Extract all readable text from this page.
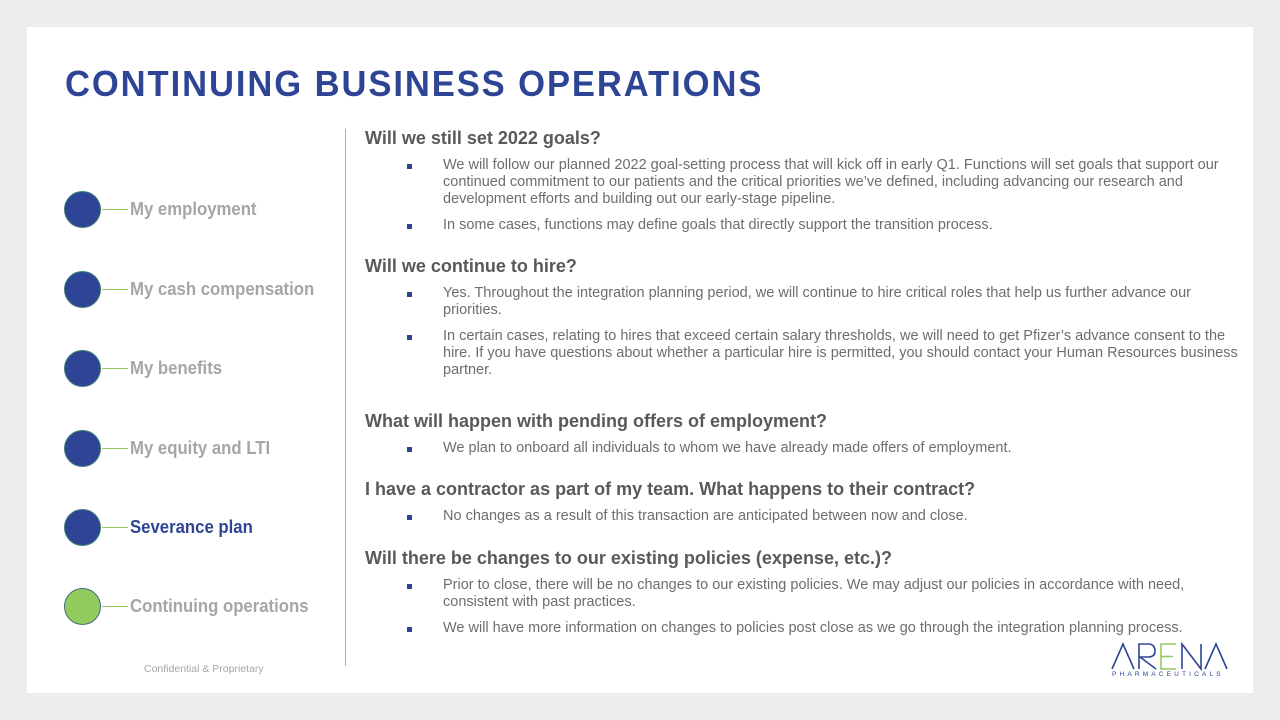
CONTINUING BUSINESS OPERATIONS
My employment
My cash compensation
My benefits
My equity and LTI
Severance plan
Continuing operations
Will we still set 2022 goals?
We will follow our planned 2022 goal-setting process that will kick off in early Q1. Functions will set goals that support our continued commitment to our patients and the critical priorities we’ve defined, including advancing our research and development efforts and building out our early-stage pipeline.
In some cases, functions may define goals that directly support the transition process.
Will we continue to hire?
Yes. Throughout the integration planning period, we will continue to hire critical roles that help us further advance our priorities.
In certain cases, relating to hires that exceed certain salary thresholds, we will need to get Pfizer’s advance consent to the hire. If you have questions about whether a particular hire is permitted, you should contact your Human Resources business partner.
What will happen with pending offers of employment?
We plan to onboard all individuals to whom we have already made offers of employment.
I have a contractor as part of my team. What happens to their contract?
No changes as a result of this transaction are anticipated between now and close.
Will there be changes to our existing policies (expense, etc.)?
Prior to close, there will be no changes to our existing policies. We may adjust our policies in accordance with need, consistent with past practices.
We will have more information on changes to policies post close as we go through the integration planning process.
Confidential & Proprietary	PHARMACEUTICALS
